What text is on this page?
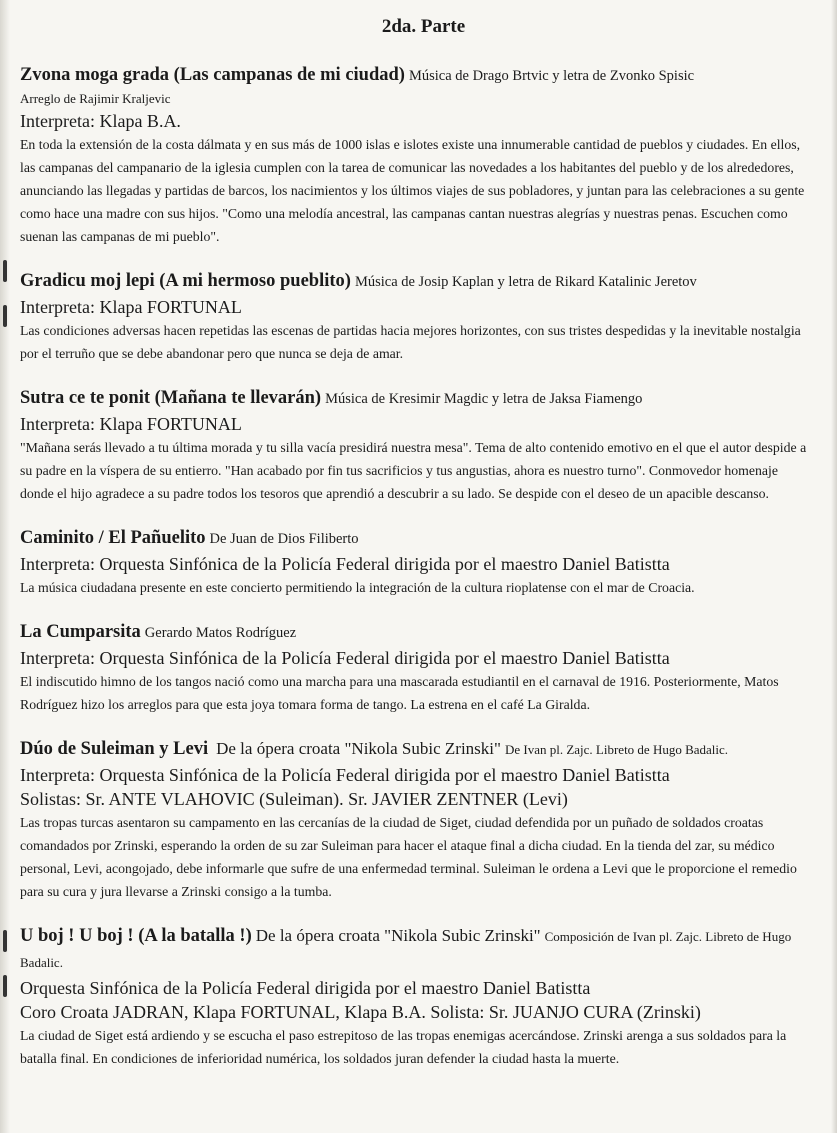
2da. Parte

Zvona moga grada (Las campanas de mi ciudad) Música de Drago Brtvic y letra de Zvonko Spisic

Arreglo de Rajimir Kraljevic

Interpreta: Klapa B.A.

En toda la extensión de la costa dálmata y en sus más de 1000 islas e islotes existe una innumerable cantidad de pueblos y ciudades. En ellos, las campanas del campanario de la iglesia cumplen con la tarea de comunicar las novedades a los habitantes del pueblo y de los alrededores, anunciando las llegadas y partidas de barcos, los nacimientos y los últimos viajes de sus pobladores, y juntan para las celebraciones a su gente como hace una madre con sus hijos. "Como una melodía ancestral, las campanas cantan nuestras alegrías y nuestras penas. Escuchen como suenan las campanas de mi pueblo".

Gradicu moj lepi (A mi hermoso pueblito) Música de Josip Kaplan y letra de Rikard Katalinic Jeretov

Interpreta: Klapa FORTUNAL

Las condiciones adversas hacen repetidas las escenas de partidas hacia mejores horizontes, con sus tristes despedidas y la inevitable nostalgia por el terruño que se debe abandonar pero que nunca se deja de amar.

Sutra ce te ponit (Mañana te llevarán) Música de Kresimir Magdic y letra de Jaksa Fiamengo

Interpreta: Klapa FORTUNAL

"Mañana serás llevado a tu última morada y tu silla vacía presidirá nuestra mesa". Tema de alto contenido emotivo en el que el autor despide a su padre en la víspera de su entierro. "Han acabado por fin tus sacrificios y tus angustias, ahora es nuestro turno". Conmovedor homenaje donde el hijo agradece a su padre todos los tesoros que aprendió a descubrir a su lado. Se despide con el deseo de un apacible descanso.

Caminito / El Pañuelito De Juan de Dios Filiberto

Interpreta: Orquesta Sinfónica de la Policía Federal dirigida por el maestro Daniel Batistta

La música ciudadana presente en este concierto permitiendo la integración de la cultura rioplatense con el mar de Croacia.

La Cumparsita Gerardo Matos Rodríguez

Interpreta: Orquesta Sinfónica de la Policía Federal dirigida por el maestro Daniel Batistta

El indiscutido himno de los tangos nació como una marcha para una mascarada estudiantil en el carnaval de 1916. Posteriormente, Matos Rodríguez hizo los arreglos para que esta joya tomara forma de tango. La estrena en el café La Giralda.

Dúo de Suleiman y Levi De la ópera croata "Nikola Subic Zrinski" De Ivan pl. Zajc. Libreto de Hugo Badalic.

Interpreta: Orquesta Sinfónica de la Policía Federal dirigida por el maestro Daniel Batistta

Solistas: Sr. ANTE VLAHOVIC (Suleiman). Sr. JAVIER ZENTNER (Levi)

Las tropas turcas asentaron su campamento en las cercanías de la ciudad de Siget, ciudad defendida por un puñado de soldados croatas comandados por Zrinski, esperando la orden de su zar Suleiman para hacer el ataque final a dicha ciudad. En la tienda del zar, su médico personal, Levi, acongojado, debe informarle que sufre de una enfermedad terminal. Suleiman le ordena a Levi que le proporcione el remedio para su cura y jura llevarse a Zrinski consigo a la tumba.

U boj ! U boj ! (A la batalla !) De la ópera croata "Nikola Subic Zrinski" Composición de Ivan pl. Zajc. Libreto de Hugo Badalic.

Orquesta Sinfónica de la Policía Federal dirigida por el maestro Daniel Batistta

Coro Croata JADRAN, Klapa FORTUNAL, Klapa B.A. Solista: Sr. JUANJO CURA (Zrinski)

La ciudad de Siget está ardiendo y se escucha el paso estrepitoso de las tropas enemigas acercándose. Zrinski arenga a sus soldados para la batalla final. En condiciones de inferioridad numérica, los soldados juran defender la ciudad hasta la muerte.
